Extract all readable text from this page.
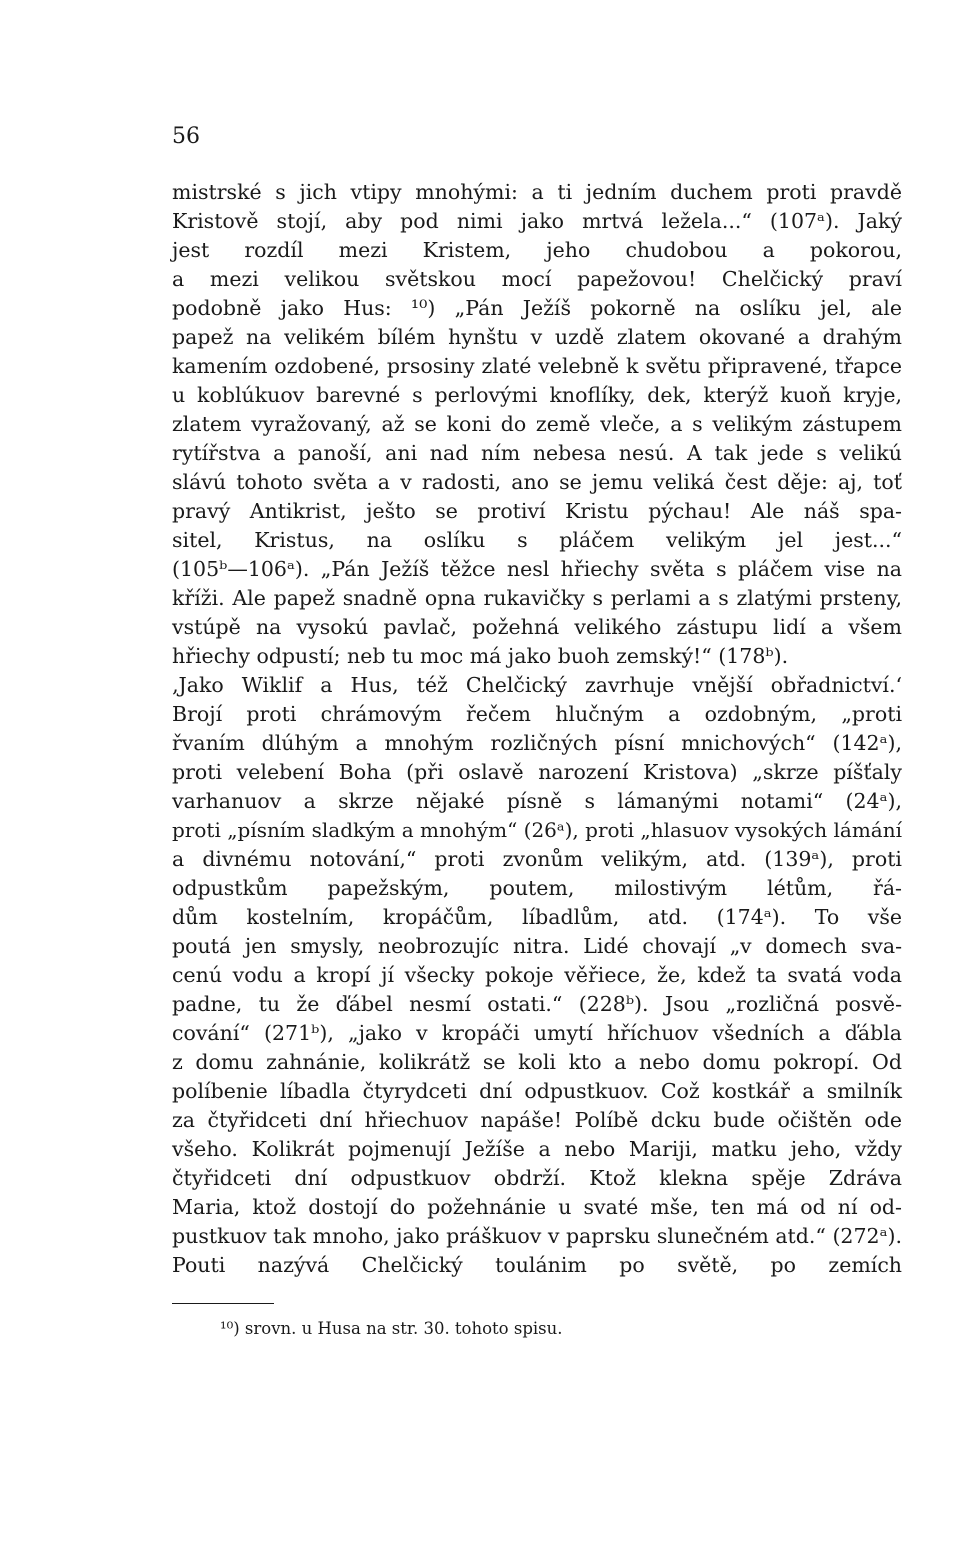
56
mistrské s jich vtipy mnohými: a ti jedním duchem proti pravdě
Kristově stojí, aby pod nimi jako mrtvá ležela...“ (107ᵃ). Jaký
jest rozdíl mezi Kristem, jeho chudobou a pokorou,
a mezi velikou světskou mocí papežovou! Chelčický praví
podobně jako Hus: ¹⁰) „Pán Ježíš pokorně na oslíku jel, ale
papež na velikém bílém hynštu v uzdě zlatem okované a drahým
kamením ozdobené, prsosiny zlaté velebně k světu připravené, třapce
u koblúkuov barevné s perlovými knoflíky, dek, kterýž kuoň kryje,
zlatem vyražovaný, až se koni do země vleče, a s velikým zástupem
rytířstva a panoší, ani nad ním nebesa nesú. A tak jede s velikú
slávú tohoto světa a v radosti, ano se jemu veliká čest děje: aj, toť
pravý Antikrist, ješto se protiví Kristu pýchau! Ale náš spa-
sitel, Kristus, na oslíku s pláčem velikým jel jest...“
(105ᵇ—106ᵃ). „Pán Ježíš těžce nesl hřiechy světa s pláčem vise na
kříži. Ale papež snadně opna rukavičky s perlami a s zlatými prsteny,
vstúpě na vysokú pavlač, požehná velikého zástupu lidí a všem
hřiechy odpustí; neb tu moc má jako buoh zemský!“ (178ᵇ).
‚Jako Wiklif a Hus, též Chelčický zavrhuje vnější obřadnictví.‘
Brojí proti chrámovým řečem hlučným a ozdobným, „proti
řvaním dlúhým a mnohým rozličných písní mnichových“ (142ᵃ),
proti velebení Boha (při oslavě narození Kristova) „skrze píšťaly
varhanuov a skrze nějaké písně s lámanými notami“ (24ᵃ),
proti „písním sladkým a mnohým“ (26ᵃ), proti „hlasuov vysokých lámání
a divnému notování,“ proti zvonům velikým, atd. (139ᵃ), proti
odpustkům papežským, poutem, milostivým létům, řá-
dům kostelním, kropáčům, líbadlům, atd. (174ᵃ). To vše
poutá jen smysly, neobrozujíc nitra. Lidé chovají „v domech sva-
cenú vodu a kropí jí všecky pokoje věřiece, že, kdež ta svatá voda
padne, tu že ďábel nesmí ostati.“ (228ᵇ). Jsou „rozličná posvě-
cování“ (271ᵇ), „jako v kropáči umytí hříchuov všedních a ďábla
z domu zahnánie, kolikrátž se koli kto a nebo domu pokropí. Od
políbenie líbadla čtyrydceti dní odpustkuov. Což kostkář a smilník
za čtyřidceti dní hřiechuov napáše! Políbě dcku bude očištěn ode
všeho. Kolikrát pojmenují Ježíše a nebo Mariji, matku jeho, vždy
čtyřidceti dní odpustkuov obdrží. Ktož klekna spěje Zdráva
Maria, ktož dostojí do požehnánie u svaté mše, ten má od ní od-
pustkuov tak mnoho, jako práškuov v paprsku slunečném atd.“ (272ᵃ).
Pouti nazývá Chelčický toulánim po světě, po zemích
¹⁰) srovn. u Husa na str. 30. tohoto spisu.
